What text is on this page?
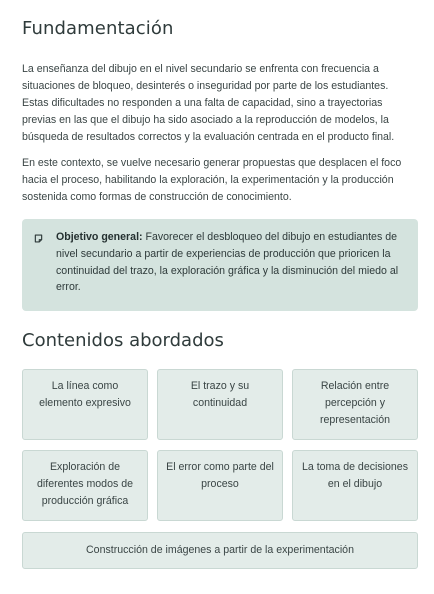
Fundamentación

La enseñanza del dibujo en el nivel secundario se enfrenta con frecuencia a situaciones de bloqueo, desinterés o inseguridad por parte de los estudiantes. Estas dificultades no responden a una falta de capacidad, sino a trayectorias previas en las que el dibujo ha sido asociado a la reproducción de modelos, la búsqueda de resultados correctos y la evaluación centrada en el producto final.

En este contexto, se vuelve necesario generar propuestas que desplacen el foco hacia el proceso, habilitando la exploración, la experimentación y la producción sostenida como formas de construcción de conocimiento.

Objetivo general: Favorecer el desbloqueo del dibujo en estudiantes de nivel secundario a partir de experiencias de producción que prioricen la continuidad del trazo, la exploración gráfica y la disminución del miedo al error.
Contenidos abordados
La línea como elemento expresivo
El trazo y su continuidad
Relación entre percepción y representación
Exploración de diferentes modos de producción gráfica
El error como parte del proceso
La toma de decisiones en el dibujo
Construcción de imágenes a partir de la experimentación
